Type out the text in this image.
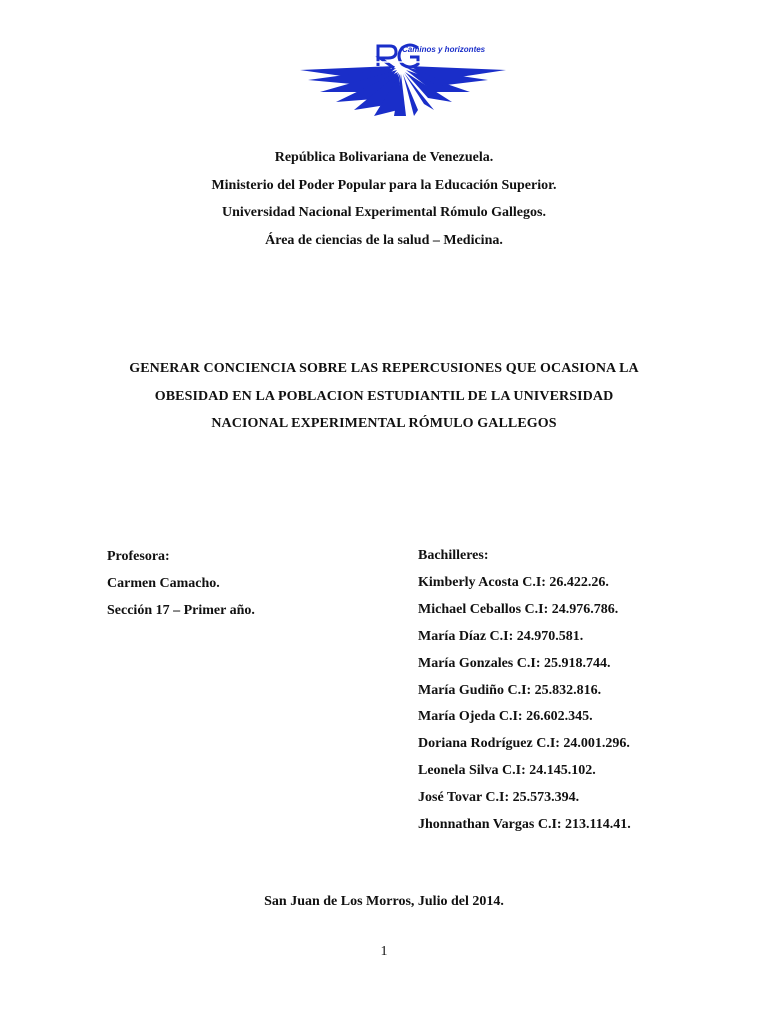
Caminos y horizontes
República Bolivariana de Venezuela.
Ministerio del Poder Popular para la Educación Superior.
Universidad Nacional Experimental Rómulo Gallegos.
Área de ciencias de la salud – Medicina.
GENERAR CONCIENCIA SOBRE LAS REPERCUSIONES QUE OCASIONA LA
OBESIDAD EN LA POBLACION ESTUDIANTIL DE LA UNIVERSIDAD
NACIONAL EXPERIMENTAL RÓMULO GALLEGOS
Profesora:
Carmen Camacho.
Sección 17 – Primer año.
Bachilleres:
Kimberly Acosta C.I: 26.422.26.
Michael Ceballos C.I: 24.976.786.
María Díaz C.I: 24.970.581.
María Gonzales C.I: 25.918.744.
María Gudiño C.I: 25.832.816.
María Ojeda C.I: 26.602.345.
Doriana Rodríguez C.I: 24.001.296.
Leonela Silva C.I: 24.145.102.
José Tovar C.I: 25.573.394.
Jhonnathan Vargas C.I: 213.114.41.
San Juan de Los Morros, Julio del 2014.
1
